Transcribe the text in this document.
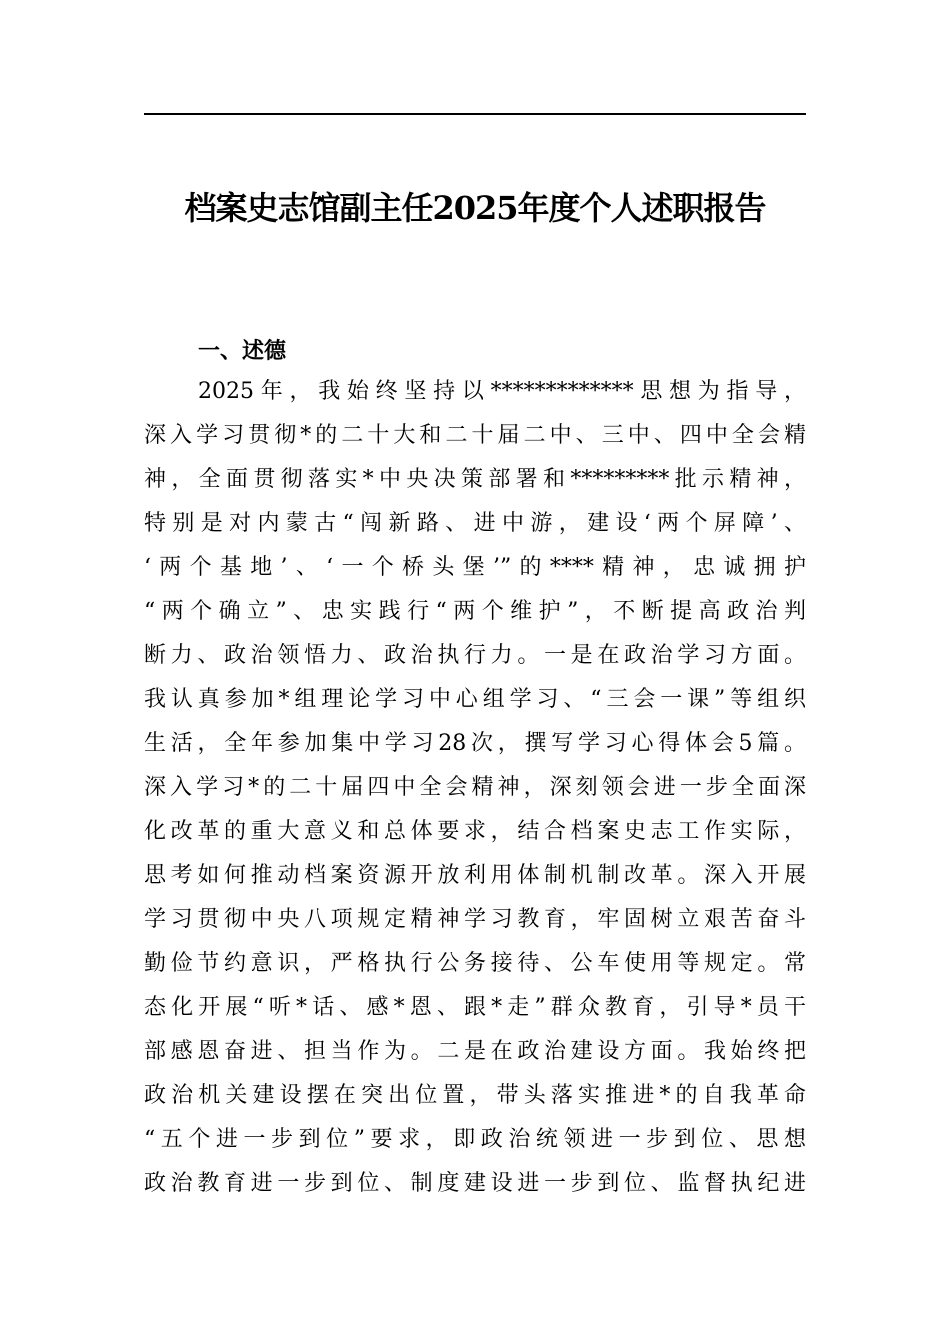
档案史志馆副主任2025年度个人述职报告
一、述德
2025年，我始终坚持以*************思想为指导，
深入学习贯彻*的二十大和二十届二中、三中、四中全会精
神，全面贯彻落实*中央决策部署和*********批示精神，
特别是对内蒙古“闯新路、进中游，建设‘两个屏障’、
‘两个基地’、‘一个桥头堡’”的****精神，忠诚拥护
“两个确立”、忠实践行“两个维护”，不断提高政治判
断力、政治领悟力、政治执行力。一是在政治学习方面。
我认真参加*组理论学习中心组学习、“三会一课”等组织
生活，全年参加集中学习28次，撰写学习心得体会5篇。
深入学习*的二十届四中全会精神，深刻领会进一步全面深
化改革的重大意义和总体要求，结合档案史志工作实际，
思考如何推动档案资源开放利用体制机制改革。深入开展
学习贯彻中央八项规定精神学习教育，牢固树立艰苦奋斗
勤俭节约意识，严格执行公务接待、公车使用等规定。常
态化开展“听*话、感*恩、跟*走”群众教育，引导*员干
部感恩奋进、担当作为。二是在政治建设方面。我始终把
政治机关建设摆在突出位置，带头落实推进*的自我革命
“五个进一步到位”要求，即政治统领进一步到位、思想
政治教育进一步到位、制度建设进一步到位、监督执纪进
